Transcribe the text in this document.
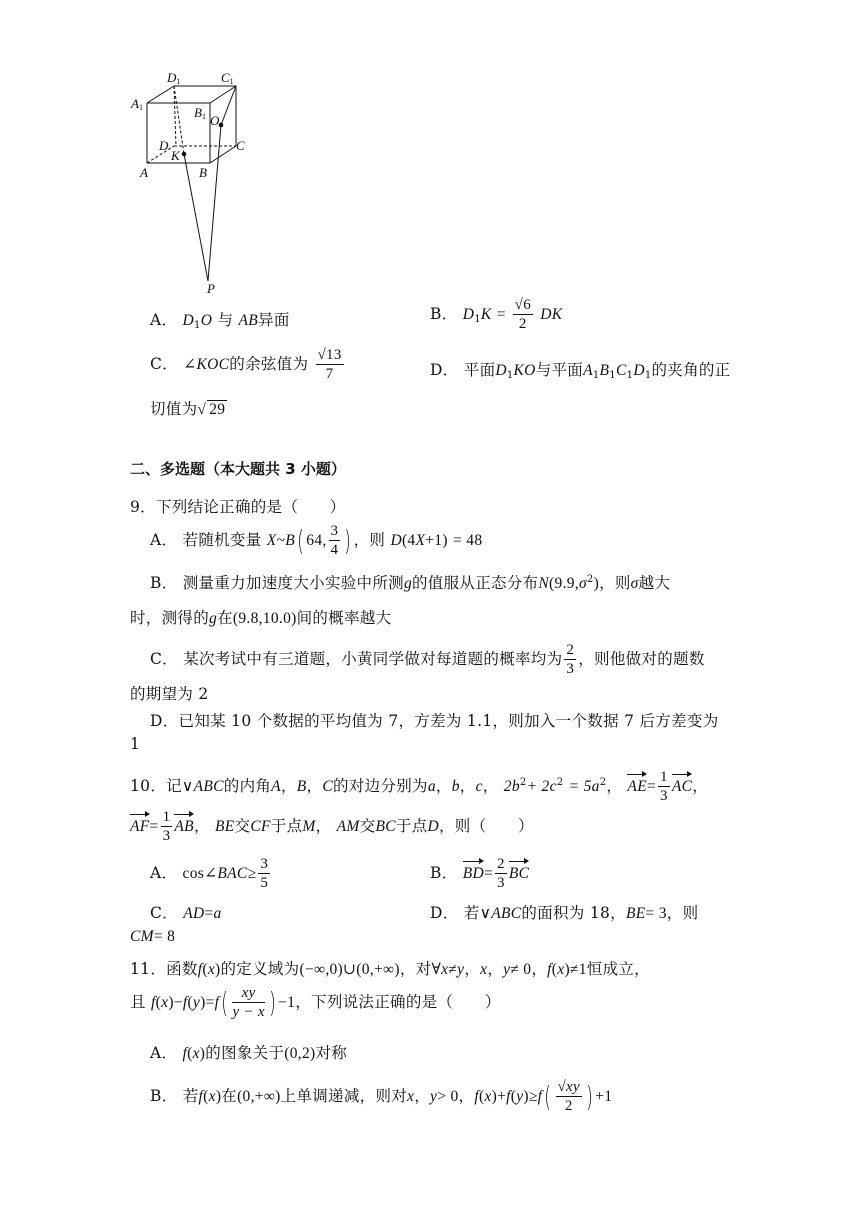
D1	C1
A1	B1 O
D
K
C
A	B
P
A． $D_1O$ 与 AB异面	B． $D_1K = \frac{√6}{2}$ DK
C． ∠KOC的余弦值为 $\frac{√13}{7}$	D． 平面$D_1KO$与平面$A_1B_1C_1D_1$的夹角的正
切值为√ 29
二、多选题（本大题共 3 小题）
9．下列结论正确的是（　　）
A． 若随机变量 X~B( 64, $\frac{3}{4}$ ) ，则 D(4X+1) = 48
B． 测量重力加速度大小实验中所测g的值服从正态分布$N(9.9,\sigma^2)$，则σ越大
时，测得的g在(9.8,10.0)间的概率越大
C． 某次考试中有三道题，小黄同学做对每道题的概率均为 $\frac{2}{3}$ ，则他做对的题数
的期望为 2
D．已知某 10 个数据的平均值为 7，方差为 1.1，则加入一个数据 7 后方差变为
1
10．记∨ABC的内角A，B，C的对边分别为a，b，c， $2b^2+ 2c^2 = 5a^2$， $AE= \frac{1}{3}$ AC，
$AF= \frac{1}{3}$ AB， BE交CF于点M， AM交BC于点D，则（　　）
A． cos∠BAC≥ $\frac{3}{5}$	B． $BD= \frac{2}{3}$ BC
C． AD=a	D． 若∨ABC的面积为 18，BE= 3，则
CM= 8
11．函数f(x)的定义域为(−∞,0)∪(0,+∞)，对∀x≠y，x，y≠ 0，f(x)≠1恒成立，
且 $f(x)-f(y)=f( \frac{xy}{y - x}$ ) −1，下列说法正确的是（　　）
A． f(x)的图象关于(0,2)对称
B． 若f(x)在(0,+∞)上单调递减，则对x，y> 0，$f(x)+f(y)\ge f( \frac{√xy}{2}$ ) +1
